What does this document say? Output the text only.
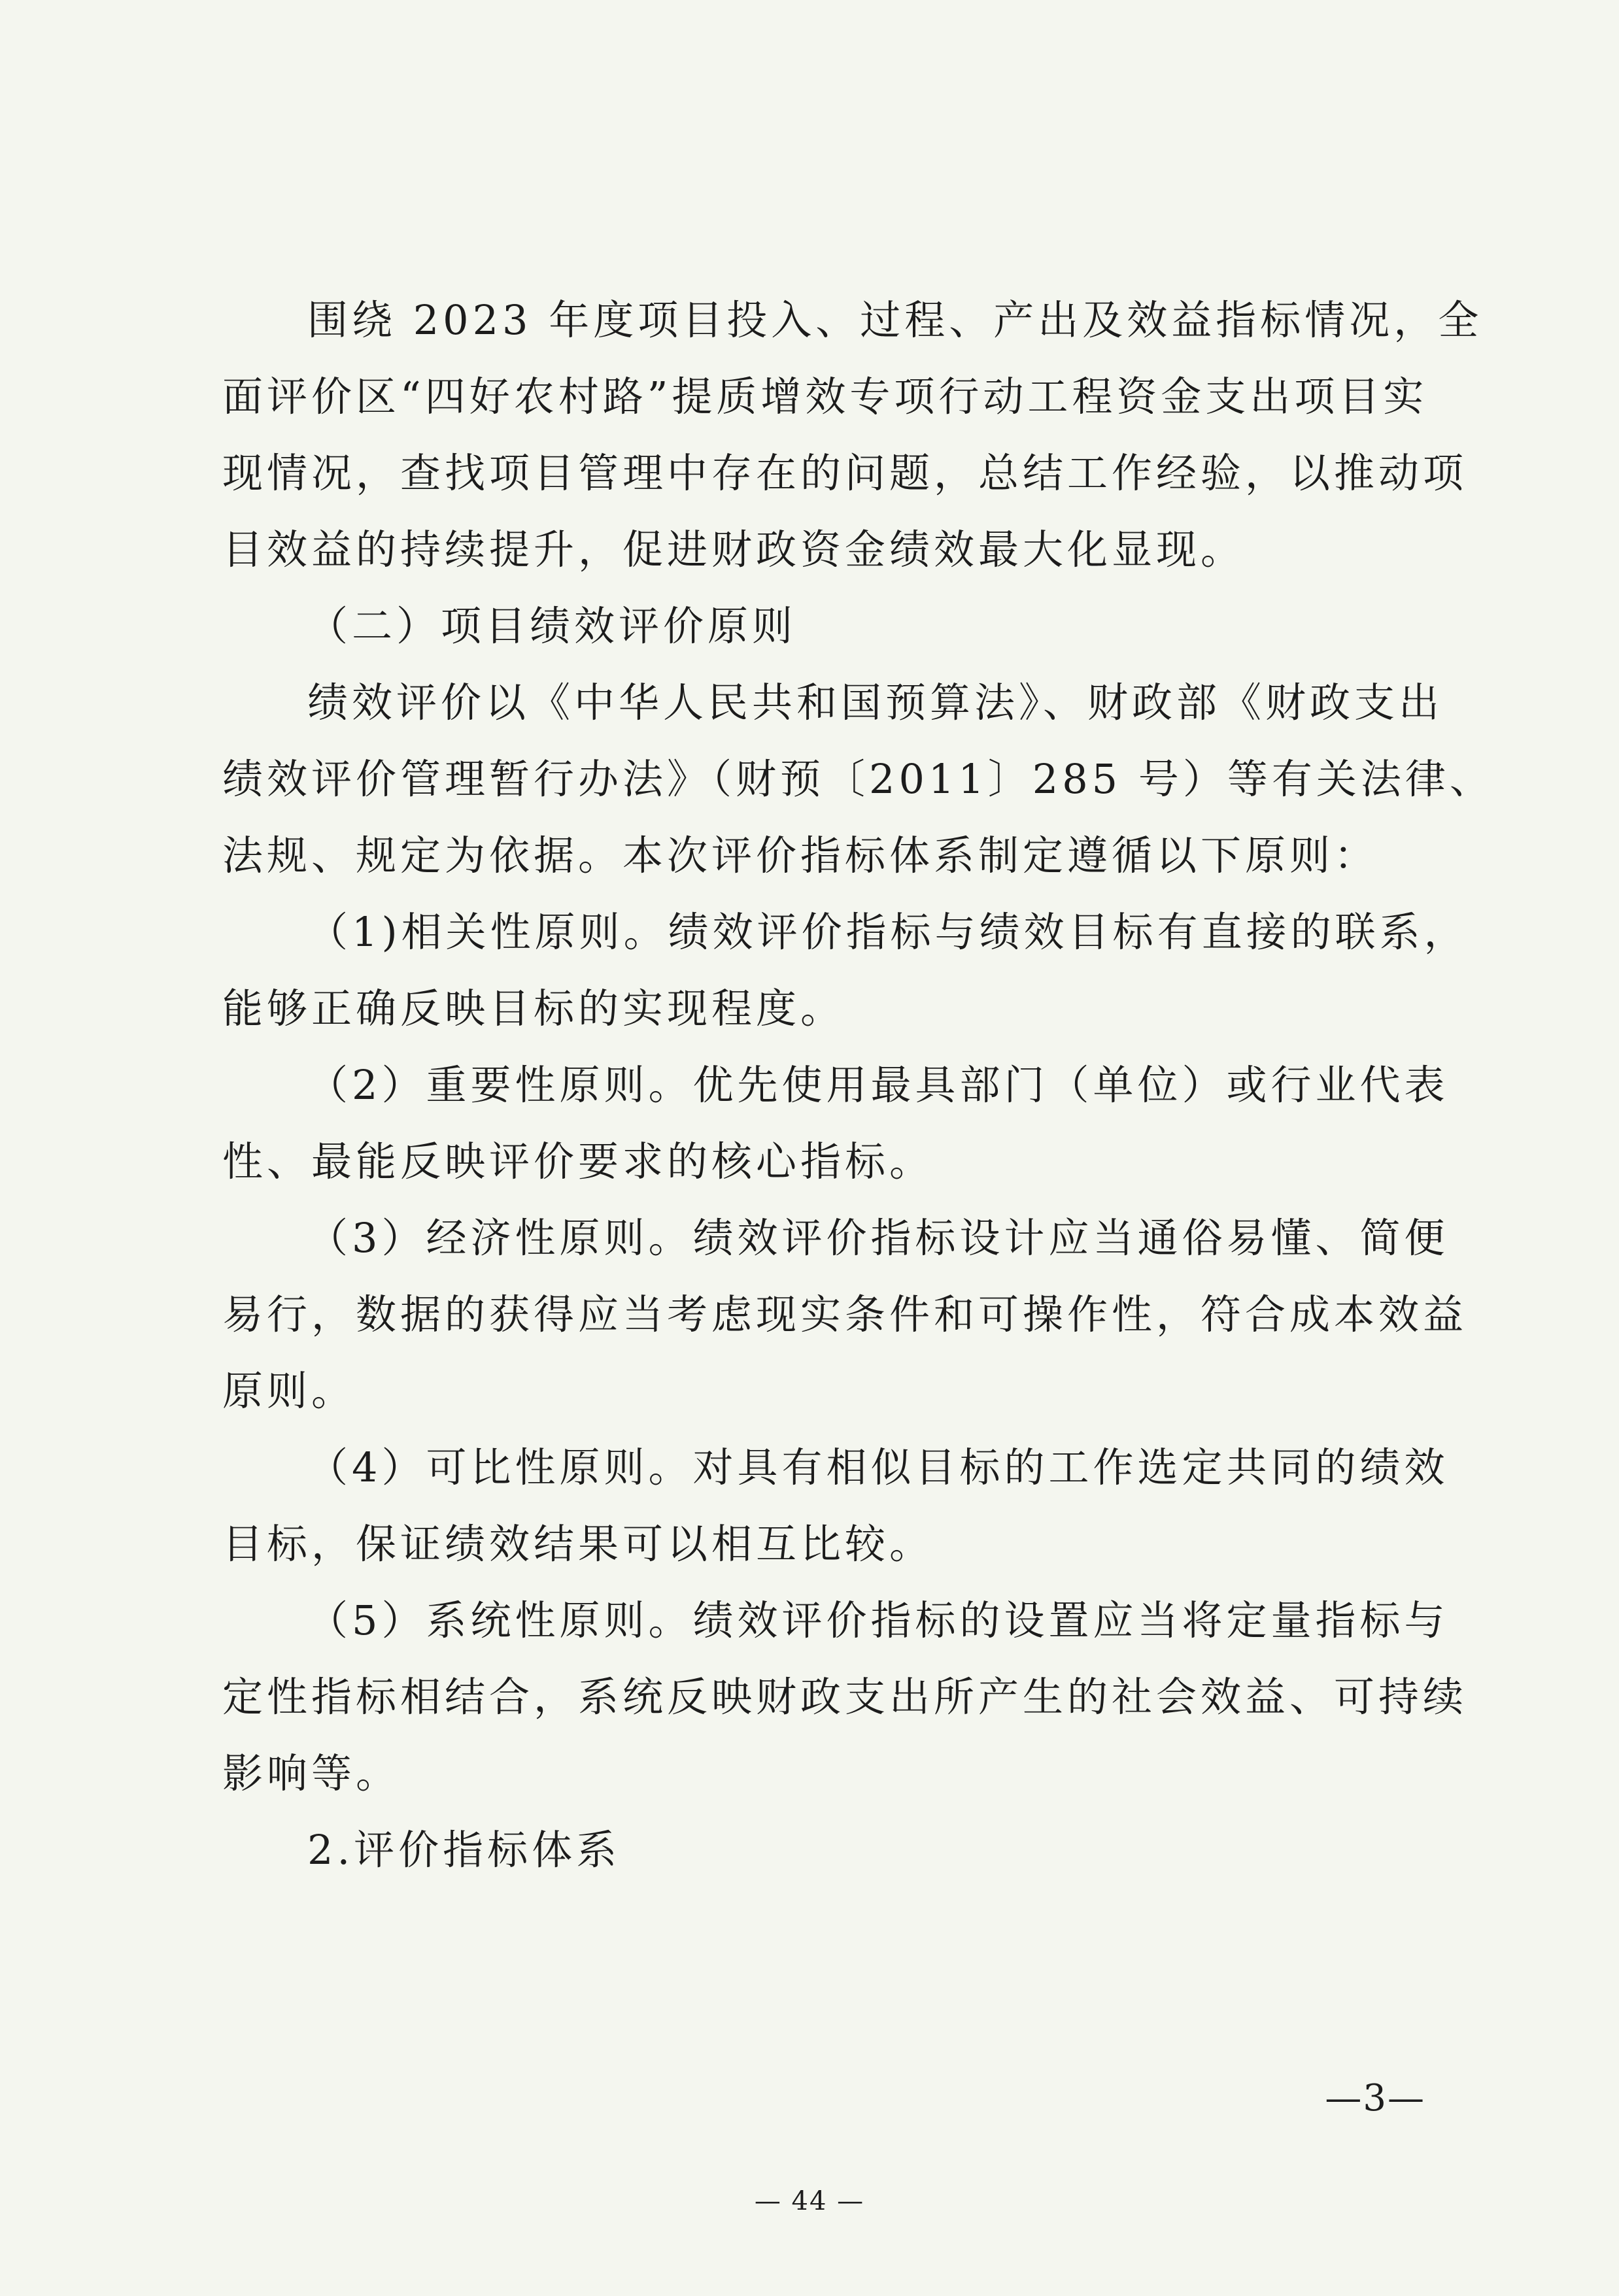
围绕 2023 年度项目投入、过程、产出及效益指标情况，全

面评价区“四好农村路”提质增效专项行动工程资金支出项目实

现情况，查找项目管理中存在的问题，总结工作经验，以推动项

目效益的持续提升，促进财政资金绩效最大化显现。

（二）项目绩效评价原则

绩效评价以《中华人民共和国预算法》、财政部《财政支出

绩效评价管理暂行办法》（财预〔2011〕285 号）等有关法律、

法规、规定为依据。本次评价指标体系制定遵循以下原则：

（1)相关性原则。绩效评价指标与绩效目标有直接的联系，

能够正确反映目标的实现程度。

（2）重要性原则。优先使用最具部门（单位）或行业代表

性、最能反映评价要求的核心指标。

（3）经济性原则。绩效评价指标设计应当通俗易懂、简便

易行，数据的获得应当考虑现实条件和可操作性，符合成本效益

原则。

（4）可比性原则。对具有相似目标的工作选定共同的绩效

目标，保证绩效结果可以相互比较。

（5）系统性原则。绩效评价指标的设置应当将定量指标与

定性指标相结合，系统反映财政支出所产生的社会效益、可持续

影响等。

2.评价指标体系

—3—
— 44 —
